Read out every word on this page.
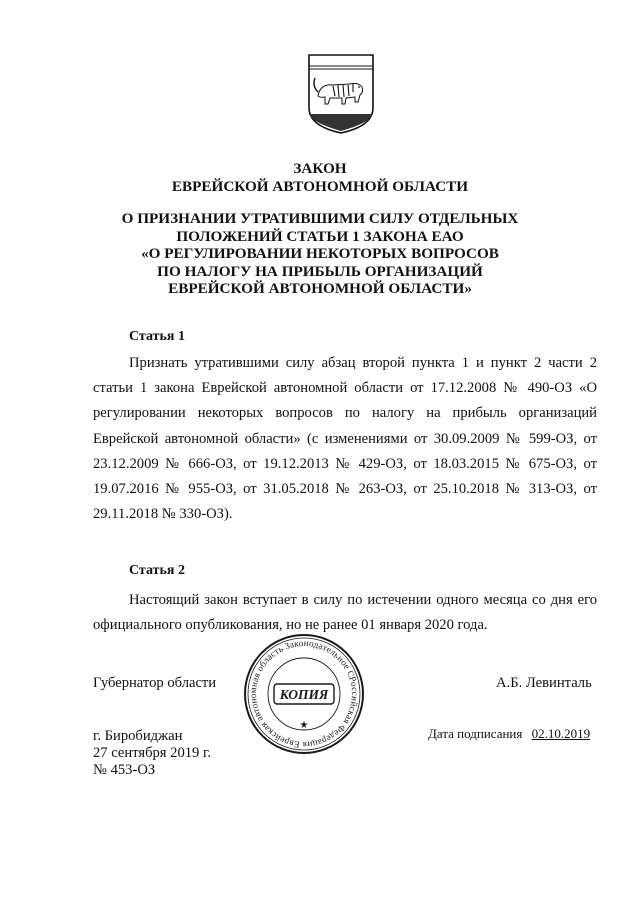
ЗАКОН
ЕВРЕЙСКОЙ АВТОНОМНОЙ ОБЛАСТИ
О ПРИЗНАНИИ УТРАТИВШИМИ СИЛУ ОТДЕЛЬНЫХ
ПОЛОЖЕНИЙ СТАТЬИ 1 ЗАКОНА ЕАО
«О РЕГУЛИРОВАНИИ НЕКОТОРЫХ ВОПРОСОВ
ПО НАЛОГУ НА ПРИБЫЛЬ ОРГАНИЗАЦИЙ
ЕВРЕЙСКОЙ АВТОНОМНОЙ ОБЛАСТИ»
Статья 1

Признать утратившими силу абзац второй пункта 1 и пункт 2 части 2 статьи 1 закона Еврейской автономной области от 17.12.2008 № 490-ОЗ «О регулировании некоторых вопросов по налогу на прибыль организаций Еврейской автономной области» (с изменениями от 30.09.2009 № 599-ОЗ, от 23.12.2009 № 666-ОЗ, от 19.12.2013 № 429-ОЗ, от 18.03.2015 № 675-ОЗ, от 19.07.2016 № 955-ОЗ, от 31.05.2018 № 263-ОЗ, от 25.10.2018 № 313-ОЗ, от 29.11.2018 № 330-ОЗ).

Статья 2

Настоящий закон вступает в силу по истечении одного месяца со дня его официального опубликования, но не ранее 01 января 2020 года.

Российская Федерация Еврейская автономная область Законодательное Собрание
КОПИЯ
★
Губернатор области	А.Б. Левинталь
г. Биробиджан
27 сентября 2019 г.
№ 453-ОЗ
Дата подписания 02.10.2019
